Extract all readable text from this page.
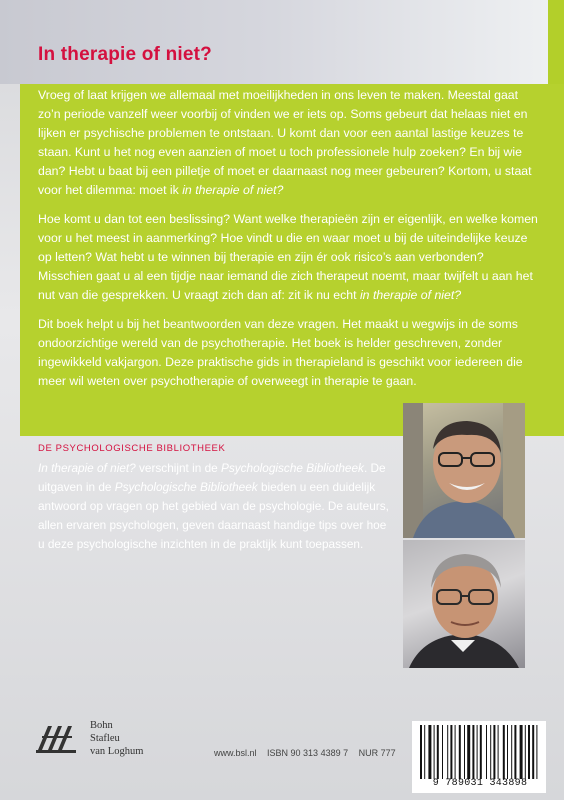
In therapie of niet?

Vroeg of laat krijgen we allemaal met moeilijkheden in ons leven te maken. Meestal gaat zo’n periode vanzelf weer voorbij of vinden we er iets op. Soms gebeurt dat helaas niet en lijken er psychische problemen te ontstaan. U komt dan voor een aantal lastige keuzes te staan. Kunt u het nog even aanzien of moet u toch professionele hulp zoeken? En bij wie dan? Hebt u baat bij een pilletje of moet er daarnaast nog meer gebeuren? Kortom, u staat voor het dilemma: moet ik in therapie of niet?

Hoe komt u dan tot een beslissing? Want welke therapieën zijn er eigenlijk, en welke komen voor u het meest in aanmerking? Hoe vindt u die en waar moet u bij de uiteindelijke keuze op letten? Wat hebt u te winnen bij therapie en zijn ér ook risico’s aan verbonden? Misschien gaat u al een tijdje naar iemand die zich therapeut noemt, maar twijfelt u aan het nut van die gesprekken. U vraagt zich dan af: zit ik nu echt in therapie of niet?

Dit boek helpt u bij het beantwoorden van deze vragen. Het maakt u wegwijs in de soms ondoorzichtige wereld van de psychotherapie. Het boek is helder geschreven, zonder ingewikkeld vakjargon. Deze praktische gids in therapieland is geschikt voor iedereen die meer wil weten over psychotherapie of overweegt in therapie te gaan.

DE PSYCHOLOGISCHE BIBLIOTHEEK

In therapie of niet? verschijnt in de Psychologische Bibliotheek. De uitgaven in de Psychologische Bibliotheek bieden u een duidelijk antwoord op vragen op het gebied van de psychologie. De auteurs, allen ervaren psychologen, geven daarnaast handige tips over hoe u deze psychologische inzichten in de praktijk kunt toepassen.

Bohn
Stafleu
van Loghum	www.bsl.nl ISBN 90 313 4389 7 NUR 777
9 789031 343898
